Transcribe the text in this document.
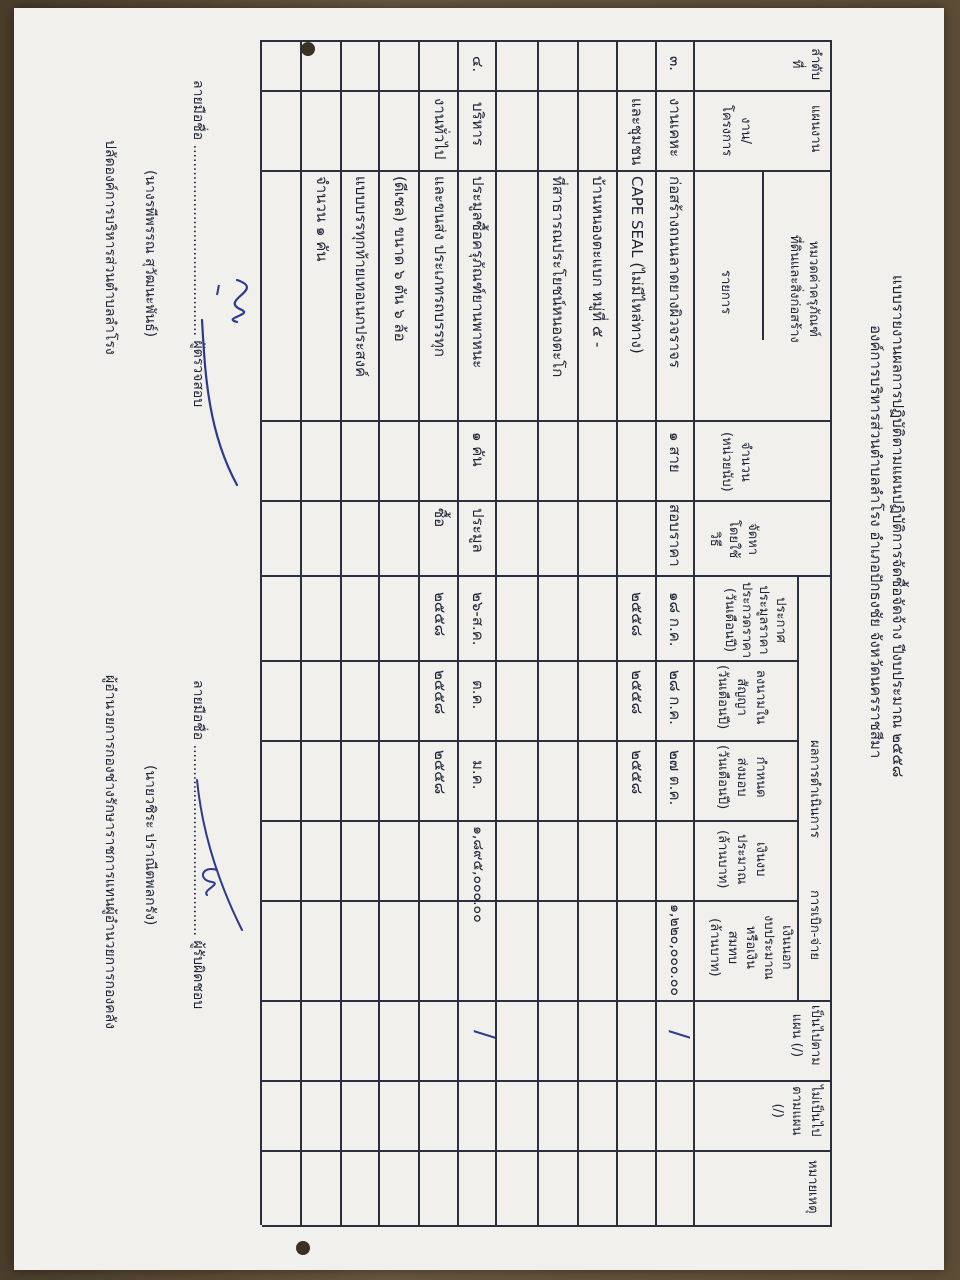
แบบรายงานผลการปฏิบัติตามแผนปฏิบัติการจัดซื้อจัดจ้าง ปีงบประมาณ ๒๕๕๘
องค์การบริหารส่วนตำบลลำโรง อำเภอปักธงชัย จังหวัดนครราชสีมา
ลำดับ
ที่
แผนงาน
งาน/
โครงการ
หมวดค่าครุภัณฑ์
ที่ดินและสิ่งก่อสร้าง
รายการ
จำนวน
(หน่วยนับ)
จัดหา
โดยใช้
วิธี
ผลการดำเนินการ
ประกาศ
ประมูลราคา
ประกวดราคา
(วันเดือนปี)
ลงนามใน
สัญญา
(วันเดือนปี)
กำหนด
ส่งมอบ
(วันเดือนปี)
การเบิก-จ่าย
เงินงบ
ประมาณ
(ล้านบาท)
เงินนอก
งบประมาณ
หรือเงิน
สมทบ
(ล้านบาท)
เป็นไปตาม
แผน (/)
ไม่เป็นไป
ตามแผน
(/)
หมายเหตุ
๓.
งานเคหะ
และชุมชน
ก่อสร้างถนนลาดยางผิวจราจร
CAPE SEAL (ไม่มีไหล่ทาง)
บ้านหนองตะแบก หมู่ที่ ๕ -
ที่สาธารณประโยชน์หนองตะโก
๑ สาย
สอบราคา
๑๘ ก.ค.
๒๕๕๘
๒๘ ก.ค.
๒๕๕๘
๒๗ ต.ค.
๒๕๕๘
๑,๒๒๐,๐๐๐.๐๐
/
๔.
บริหาร
งานทั่วไป
ประมูลซื้อครุภัณฑ์ยานพาหนะ
และขนส่ง ประเภทรถบรรทุก
(ดีเซล) ขนาด ๖ ตัน ๖ ล้อ
แบบบรรทุกท้ายเทอเนกประสงค์
จำนวน ๑ คัน
๑ คัน
ประมูล
ซื้อ
๒๖-ส.ค.
๒๕๕๘
ต.ค.
๒๕๕๘
ม.ค.
๒๕๕๘
๑,๘๙๕,๐๐๐.๐๐
/
ลายมือชื่อ ........................................... ผู้ตรวจสอบ
(นางรพีพรรณ สุวัฒนะพันธ์)
ปลัดองค์การบริหารส่วนตำบลลำโรง
ลายมือชื่อ ........................................... ผู้รับผิดชอบ
(นายวชิระ ปราณีตพลกรัง)
ผู้อำนวยการกองช่างรักษาราชการแทนผู้อำนวยการกองคลัง
